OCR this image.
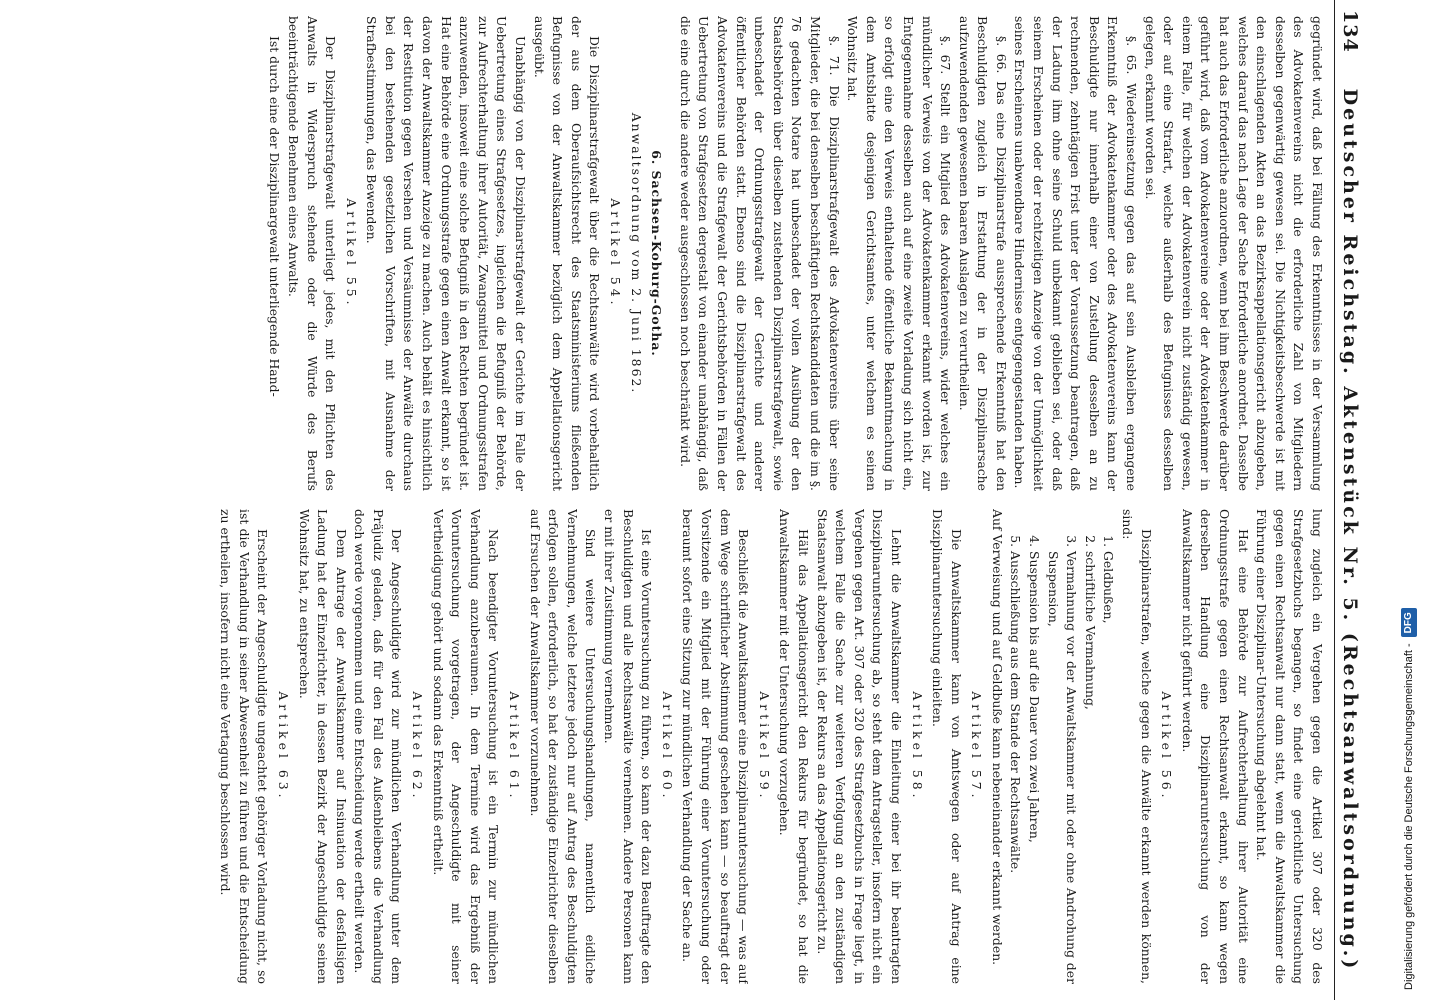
134
Deutscher Reichstag. Aktenstück Nr. 5. (Rechtsanwaltsordnung.)

gegründet wird, daß bei Fällung des Erkenntnisses in der Versammlung des Advokatenvereins nicht die erforderliche Zahl von Mitgliedern desselben gegenwärtig gewesen sei. Die Nichtigkeitsbeschwerde ist mit den einschlagenden Akten an das Bezirksappellationsgericht abzugeben, welches darauf das nach Lage der Sache Erforderliche anordnet. Dasselbe hat auch das Erforderliche anzuordnen, wenn bei ihm Beschwerde darüber geführt wird, daß vom Advokatenvereine oder der Advokatenkammer in einem Falle, für welchen der Advokatenverein nicht zuständig gewesen, oder auf eine Strafart, welche außerhalb des Befugnisses desselben gelegen, erkannt worden sei.

§. 65. Wiedereinsetzung gegen das auf sein Ausbleiben ergangene Erkenntniß der Advokatenkammer oder des Advokatenvereins kann der Beschuldigte nur innerhalb einer von Zustellung desselben an zu rechnenden, zehntägigen Frist unter der Voraussetzung beantragen, daß der Ladung ihm ohne seine Schuld unbekannt geblieben sei, oder daß seinem Erscheinen oder der rechtzeitigen Anzeige von der Unmöglichkeit seines Erscheinens unabwendbare Hindernisse entgegengestanden haben.

§. 66. Das eine Disziplinarstrafe aussprechende Erkenntniß hat den Beschuldigten zugleich in Erstattung der in der Disziplinarsache aufzuwendenden gewesenen baaren Auslagen zu verurtheilen.

§. 67. Stellt ein Mitglied des Advokatenvereins, wider welches ein mündlicher Verweis von der Advokatenkammer erkannt worden ist, zur Entgegennahme desselben auch auf eine zweite Vorladung sich nicht ein, so erfolgt eine den Verweis enthaltende öffentliche Bekanntmachung in dem Amtsblatte desjenigen Gerichtsamtes, unter welchem es seinen Wohnsitz hat.

§. 71. Die Disziplinarstrafgewalt des Advokatenvereins über seine Mitglieder, die bei denselben beschäftigten Rechtskandidaten und die im §. 76 gedachten Notare hat unbeschadet der vollen Ausübung der den Staatsbehörden über dieselben zustehenden Disziplinarstrafgewalt, sowie unbeschadet der Ordnungsstrafgewalt der Gerichte und anderer öffentlicher Behörden statt. Ebenso sind die Disziplinarstrafgewalt des Advokatenvereins und die Strafgewalt der Gerichtsbehörden in Fällen der Uebertretung von Strafgesetzen dergestalt von einander unabhängig, daß die eine durch die andere weder ausgeschlossen noch beschränkt wird.

6. Sachsen-Koburg-Gotha.
Anwaltsordnung vom 2. Juni 1862.
Artikel 54.

Die Disziplinarstrafgewalt über die Rechtsanwälte wird vorbehaltlich der aus dem Oberaufsichtsrecht des Staatsministeriums fließenden Befugnisse von der Anwaltskammer bezüglich dem Appellationsgericht ausgeübt.

Unabhängig von der Disziplinarstrafgewalt der Gerichte im Falle der Uebertretung eines Strafgesetzes, ingleichen die Befugniß der Behörde, zur Aufrechterhaltung ihrer Autorität, Zwangsmittel und Ordnungsstrafen anzuwenden, insoweit eine solche Befugniß in den Rechten begründet ist. Hat eine Behörde eine Ordnungsstrafe gegen einen Anwalt erkannt, so ist davon der Anwaltskammer Anzeige zu machen. Auch behält es hinsichtlich der Restitution gegen Versehen und Versäumnisse der Anwälte durchaus bei den bestehenden gesetzlichen Vorschriften, mit Ausnahme der Strafbestimmungen, das Bewenden.

Artikel 55.

Der Disziplinarstrafgewalt unterliegt jedes, mit den Pflichten des Anwalts in Widerspruch stehende oder die Würde des Berufs beeinträchtigende Benehmen eines Anwalts.

Ist durch eine der Disziplinargewalt unterliegende Hand-

lung zugleich ein Vergehen gegen die Artikel 307 oder 320 des Strafgesetzbuchs begangen, so findet eine gerichtliche Untersuchung gegen einen Rechtsanwalt nur dann statt, wenn die Anwaltskammer die Führung einer Disziplinar-Untersuchung abgelehnt hat.

Hat eine Behörde zur Aufrechterhaltung ihrer Autorität eine Ordnungsstrafe gegen einen Rechtsanwalt erkannt, so kann wegen derselben Handlung eine Disziplinaruntersuchung von der Anwaltskammer nicht geführt werden.

Artikel 56.

Disziplinarstrafen, welche gegen die Anwälte erkannt werden können, sind:

1. Geldbußen,
2. schriftliche Vermahnung,
3. Vermahnung vor der Anwaltskammer mit oder ohne Androhung der Suspension,
4. Suspension bis auf die Dauer von zwei Jahren,
5. Ausschließung aus dem Stande der Rechtsanwälte.

Auf Verweisung und auf Geldbuße kann nebeneinander erkannt werden.

Artikel 57.

Die Anwaltskammer kann von Amtswegen oder auf Antrag eine Disziplinaruntersuchung einleiten.

Artikel 58.

Lehnt die Anwaltskammer die Einleitung einer bei ihr beantragten Disziplinaruntersuchung ab, so steht dem Antragsteller, insofern nicht ein Vergehen gegen Art. 307 oder 320 des Strafgesetzbuchs in Frage liegt, in welchem Falle die Sache zur weiteren Verfolgung an den zuständigen Staatsanwalt abzugeben ist, der Rekurs an das Appellationsgericht zu.

Hält das Appellationsgericht den Rekurs für begründet, so hat die Anwaltskammer mit der Untersuchung vorzugehen.

Artikel 59.

Beschließt die Anwaltskammer eine Disziplinaruntersuchung — was auf dem Wege schriftlicher Abstimmung geschehen kann — so beauftragt der Vorsitzende ein Mitglied mit der Führung einer Voruntersuchung oder beraumt sofort eine Sitzung zur mündlichen Verhandlung der Sache an.

Artikel 60.

Ist eine Voruntersuchung zu führen, so kann der dazu Beauftragte den Beschuldigten und alle Rechtsanwälte vernehmen. Andere Personen kann er mit ihrer Zustimmung vernehmen.

Sind weitere Untersuchungshandlungen, namentlich eidliche Vernehmungen, welche letztere jedoch nur auf Antrag des Beschuldigten erfolgen sollen, erforderlich, so hat der zuständige Einzelrichter dieselben auf Ersuchen der Anwaltskammer vorzunehmen.

Artikel 61.

Nach beendigter Voruntersuchung ist ein Termin zur mündlichen Verhandlung anzuberaumen. In dem Termine wird das Ergebniß der Voruntersuchung vorgetragen, der Angeschuldigte mit seiner Vertheidigung gehört und sodann das Erkenntniß ertheilt.

Artikel 62.

Der Angeschuldigte wird zur mündlichen Verhandlung unter dem Präjudiz geladen, daß für den Fall des Außenbleibens die Verhandlung doch werde vorgenommen und eine Entscheidung werde ertheilt werden.

Dem Antrage der Anwaltskammer auf Insinuation der desfallsigen Ladung hat der Einzelrichter, in dessen Bezirk der Angeschuldigte seinen Wohnsitz hat, zu entsprechen.

Artikel 63.

Erscheint der Angeschuldigte ungeachtet gehöriger Vorladung nicht, so ist die Verhandlung in seiner Abwesenheit zu führen und die Entscheidung zu ertheilen, insofern nicht eine Vertagung beschlossen wird.	Digitalisierung gefördert durch die Deutsche Forschungsgemeinschaft -
DFG
